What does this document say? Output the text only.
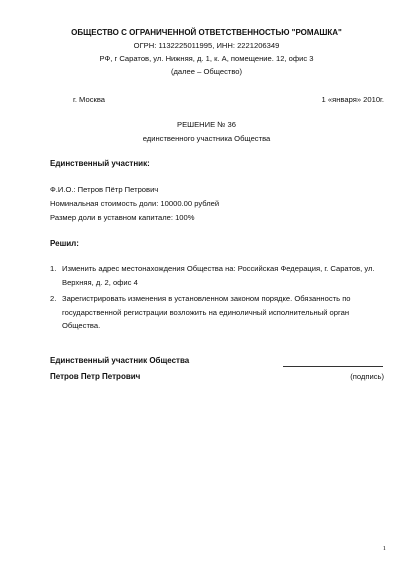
ОБЩЕСТВО С ОГРАНИЧЕННОЙ ОТВЕТСТВЕННОСТЬЮ "РОМАШКА"
ОГРН: 1132225011995, ИНН: 2221206349
РФ, г Саратов, ул. Нижняя, д. 1, к. А, помещение. 12, офис 3
(далее – Общество)
г. Москва	1 «января» 2010г.
РЕШЕНИЕ № 36
единственного участника Общества
Единственный участник:
Ф.И.О.: Петров Пётр Петрович
Номинальная стоимость доли: 10000.00 рублей
Размер доли в уставном капитале: 100%
Решил:
1. Изменить адрес местонахождения Общества на: Российская Федерация, г. Саратов, ул.
Верхняя, д. 2, офис 4
2. Зарегистрировать изменения в установленном законом порядке. Обязанность по
государственной регистрации возложить на единоличный исполнительный орган
Общества.
Единственный участник Общества
Петров Петр Петрович	(подпись)
1
